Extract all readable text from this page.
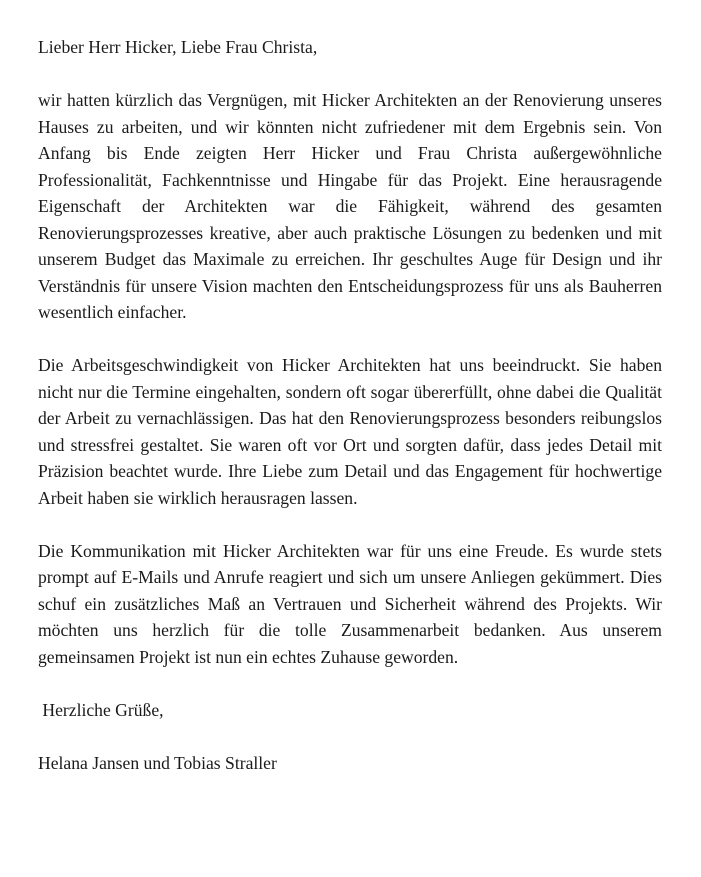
Lieber Herr Hicker, Liebe Frau Christa,

wir hatten kürzlich das Vergnügen, mit Hicker Architekten an der Renovierung unseres Hauses zu arbeiten, und wir könnten nicht zufriedener mit dem Ergebnis sein. Von Anfang bis Ende zeigten Herr Hicker und Frau Christa außergewöhnliche Professionalität, Fachkenntnisse und Hingabe für das Projekt. Eine herausragende Eigenschaft der Architekten war die Fähigkeit, während des gesamten Renovierungsprozesses kreative, aber auch praktische Lösungen zu bedenken und mit unserem Budget das Maximale zu erreichen. Ihr geschultes Auge für Design und ihr Verständnis für unsere Vision machten den Entscheidungsprozess für uns als Bauherren wesentlich einfacher.

Die Arbeitsgeschwindigkeit von Hicker Architekten hat uns beeindruckt. Sie haben nicht nur die Termine eingehalten, sondern oft sogar übererfüllt, ohne dabei die Qualität der Arbeit zu vernachlässigen. Das hat den Renovierungsprozess besonders reibungslos und stressfrei gestaltet. Sie waren oft vor Ort und sorgten dafür, dass jedes Detail mit Präzision beachtet wurde. Ihre Liebe zum Detail und das Engagement für hochwertige Arbeit haben sie wirklich herausragen lassen.

Die Kommunikation mit Hicker Architekten war für uns eine Freude. Es wurde stets prompt auf E-Mails und Anrufe reagiert und sich um unsere Anliegen gekümmert. Dies schuf ein zusätzliches Maß an Vertrauen und Sicherheit während des Projekts. Wir möchten uns herzlich für die tolle Zusammenarbeit bedanken. Aus unserem gemeinsamen Projekt ist nun ein echtes Zuhause geworden.

Herzliche Grüße,

Helana Jansen und Tobias Straller
